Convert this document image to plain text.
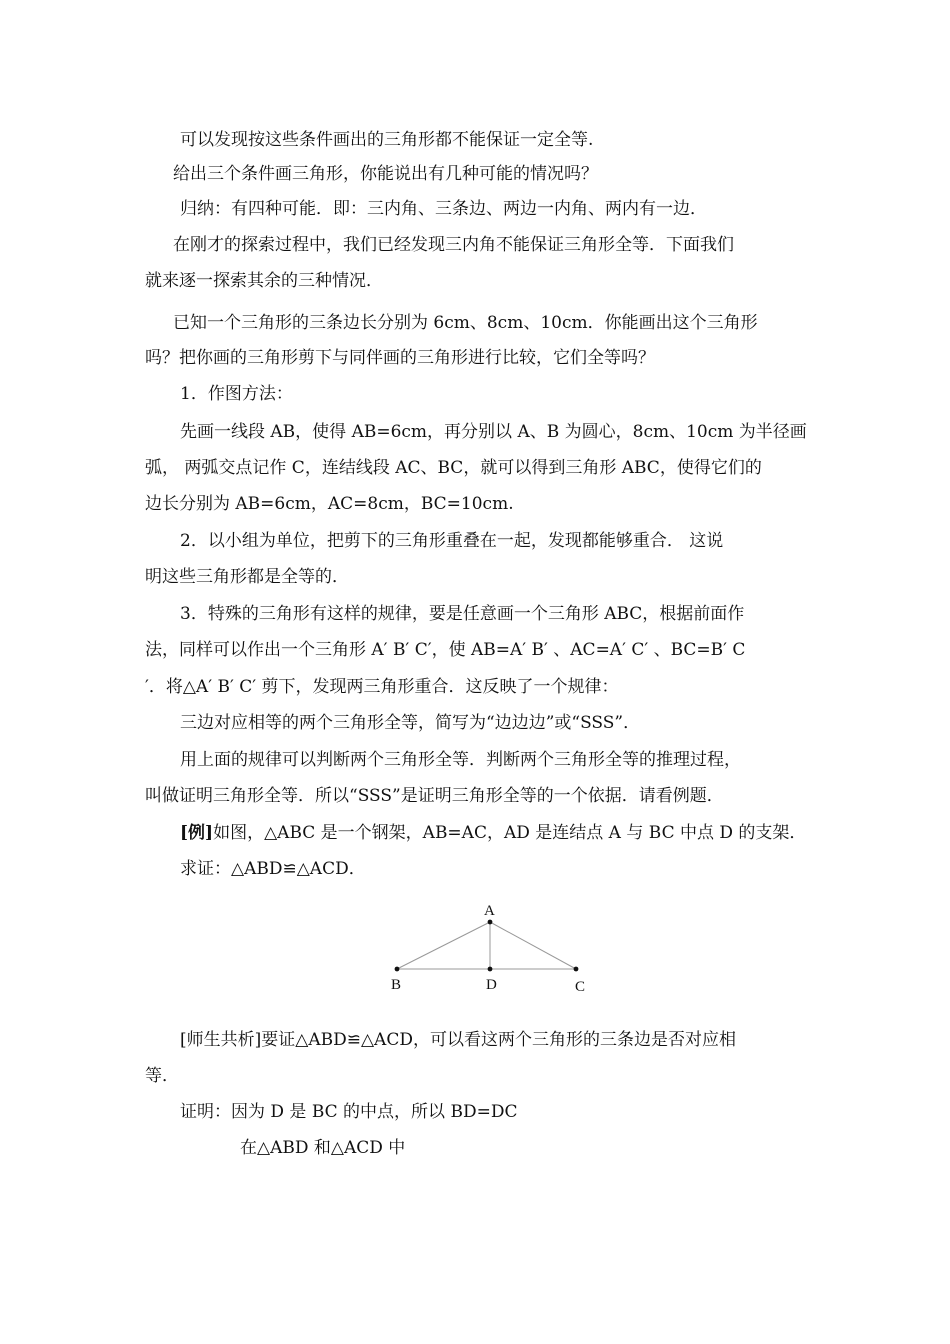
可以发现按这些条件画出的三角形都不能保证一定全等.
给出三个条件画三角形，你能说出有几种可能的情况吗？
归纳：有四种可能．即：三内角、三条边、两边一内角、两内有一边．
在刚才的探索过程中，我们已经发现三内角不能保证三角形全等．下面我们
就来逐一探索其余的三种情况．
已知一个三角形的三条边长分别为 6cm、8cm、10cm．你能画出这个三角形
吗？把你画的三角形剪下与同伴画的三角形进行比较，它们全等吗？
1．作图方法：
先画一线段 AB，使得 AB=6cm，再分别以 A、B 为圆心，8cm、10cm 为半径画
弧， 两弧交点记作 C，连结线段 AC、BC，就可以得到三角形 ABC，使得它们的
边长分别为 AB=6cm，AC=8cm，BC=10cm.
2．以小组为单位，把剪下的三角形重叠在一起，发现都能够重合． 这说
明这些三角形都是全等的．
3．特殊的三角形有这样的规律，要是任意画一个三角形 ABC，根据前面作
法，同样可以作出一个三角形 A′ B′ C′，使 AB=A′ B′ 、AC=A′ C′ 、BC=B′ C
′．将△A′ B′ C′ 剪下，发现两三角形重合．这反映了一个规律：
三边对应相等的两个三角形全等，简写为“边边边”或“SSS”．
用上面的规律可以判断两个三角形全等．判断两个三角形全等的推理过程，
叫做证明三角形全等．所以“SSS”是证明三角形全等的一个依据．请看例题．
[例]如图，△ABC 是一个钢架，AB=AC，AD 是连结点 A 与 BC 中点 D 的支架．
求证：△ABD≌△ACD．
A
B	D	C
[师生共析]要证△ABD≌△ACD，可以看这两个三角形的三条边是否对应相
等．
证明：因为 D 是 BC 的中点，所以 BD=DC
在△ABD 和△ACD 中
